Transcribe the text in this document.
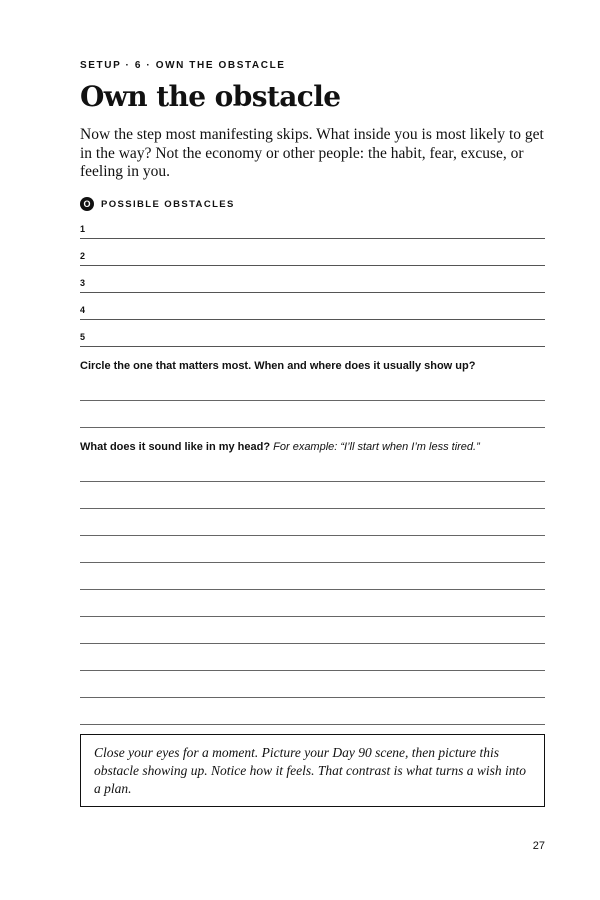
SETUP · 6 · OWN THE OBSTACLE
Own the obstacle

Now the step most manifesting skips. What inside you is most likely to get in the way? Not the economy or other people: the habit, fear, excuse, or feeling in you.

O	POSSIBLE OBSTACLES
1
2
3
4
5

Circle the one that matters most. When and where does it usually show up?

What does it sound like in my head? For example: “I’ll start when I’m less tired.”

Close your eyes for a moment. Picture your Day 90 scene, then picture this obstacle showing up. Notice how it feels. That contrast is what turns a wish into a plan.

27
